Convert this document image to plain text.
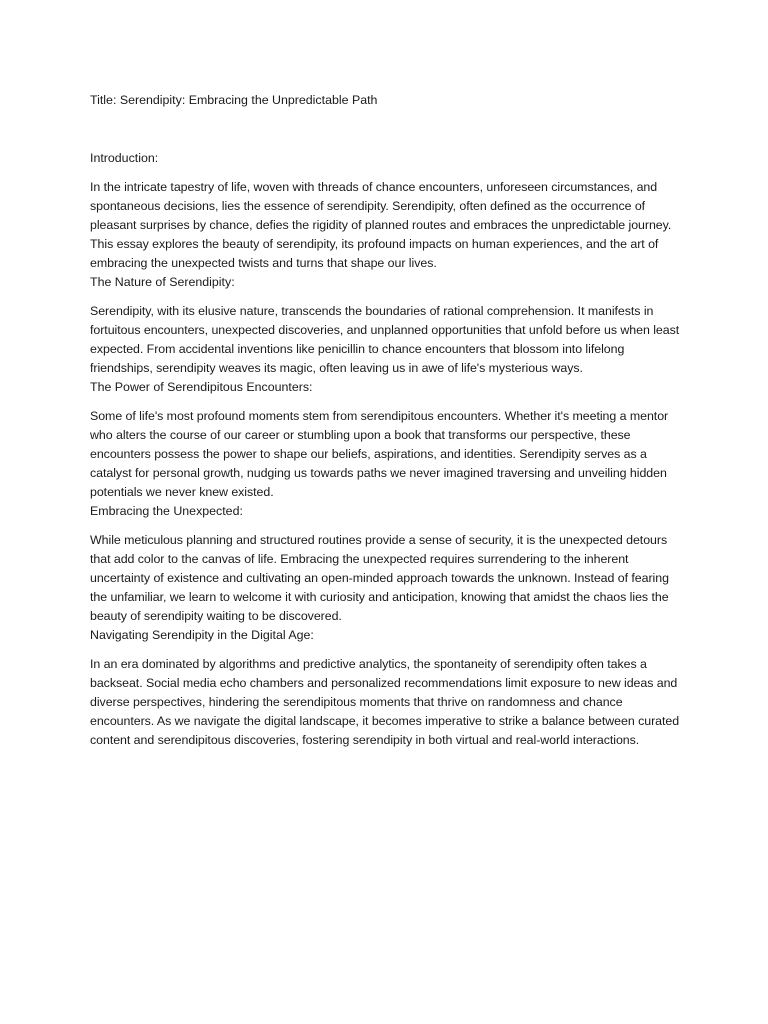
Title: Serendipity: Embracing the Unpredictable Path

Introduction:

In the intricate tapestry of life, woven with threads of chance encounters, unforeseen circumstances, and spontaneous decisions, lies the essence of serendipity. Serendipity, often defined as the occurrence of pleasant surprises by chance, defies the rigidity of planned routes and embraces the unpredictable journey. This essay explores the beauty of serendipity, its profound impacts on human experiences, and the art of embracing the unexpected twists and turns that shape our lives.

The Nature of Serendipity:

Serendipity, with its elusive nature, transcends the boundaries of rational comprehension. It manifests in fortuitous encounters, unexpected discoveries, and unplanned opportunities that unfold before us when least expected. From accidental inventions like penicillin to chance encounters that blossom into lifelong friendships, serendipity weaves its magic, often leaving us in awe of life's mysterious ways.

The Power of Serendipitous Encounters:

Some of life's most profound moments stem from serendipitous encounters. Whether it's meeting a mentor who alters the course of our career or stumbling upon a book that transforms our perspective, these encounters possess the power to shape our beliefs, aspirations, and identities. Serendipity serves as a catalyst for personal growth, nudging us towards paths we never imagined traversing and unveiling hidden potentials we never knew existed.

Embracing the Unexpected:

While meticulous planning and structured routines provide a sense of security, it is the unexpected detours that add color to the canvas of life. Embracing the unexpected requires surrendering to the inherent uncertainty of existence and cultivating an open-minded approach towards the unknown. Instead of fearing the unfamiliar, we learn to welcome it with curiosity and anticipation, knowing that amidst the chaos lies the beauty of serendipity waiting to be discovered.

Navigating Serendipity in the Digital Age:

In an era dominated by algorithms and predictive analytics, the spontaneity of serendipity often takes a backseat. Social media echo chambers and personalized recommendations limit exposure to new ideas and diverse perspectives, hindering the serendipitous moments that thrive on randomness and chance encounters. As we navigate the digital landscape, it becomes imperative to strike a balance between curated content and serendipitous discoveries, fostering serendipity in both virtual and real-world interactions.
